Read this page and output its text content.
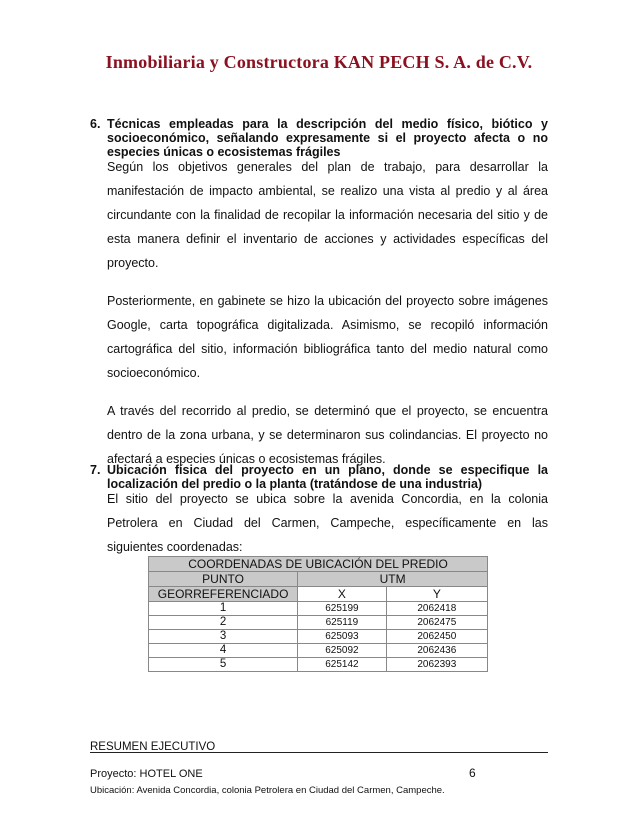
Inmobiliaria y Constructora KAN PECH S. A. de C.V.
6. Técnicas empleadas para la descripción del medio físico, biótico y socioeconómico, señalando expresamente si el proyecto afecta o no especies únicas o ecosistemas frágiles
Según los objetivos generales del plan de trabajo, para desarrollar la manifestación de impacto ambiental, se realizo una vista al predio y al área circundante con la finalidad de recopilar la información necesaria del sitio y de esta manera definir el inventario de acciones y actividades específicas del proyecto.
Posteriormente, en gabinete se hizo la ubicación del proyecto sobre imágenes Google, carta topográfica digitalizada. Asimismo, se recopiló información cartográfica del sitio, información bibliográfica tanto del medio natural como socioeconómico.
A través del recorrido al predio, se determinó que el proyecto, se encuentra dentro de la zona urbana, y se determinaron sus colindancias. El proyecto no afectará a especies únicas o ecosistemas frágiles.
7. Ubicación física del proyecto en un plano, donde se especifique la localización del predio o la planta (tratándose de una industria)
El sitio del proyecto se ubica sobre la avenida Concordia, en la colonia Petrolera en Ciudad del Carmen, Campeche, específicamente en las siguientes coordenadas:
COORDENADAS DE UBICACIÓN DEL PREDIO		
PUNTO	UTM	
GEORREFERENCIADO	X	Y
1	625199	2062418
2	625119	2062475
3	625093	2062450
4	625092	2062436
5	625142	2062393
RESUMEN EJECUTIVO
Proyecto: HOTEL ONE	6
Ubicación: Avenida Concordia, colonia Petrolera en Ciudad del Carmen, Campeche.
